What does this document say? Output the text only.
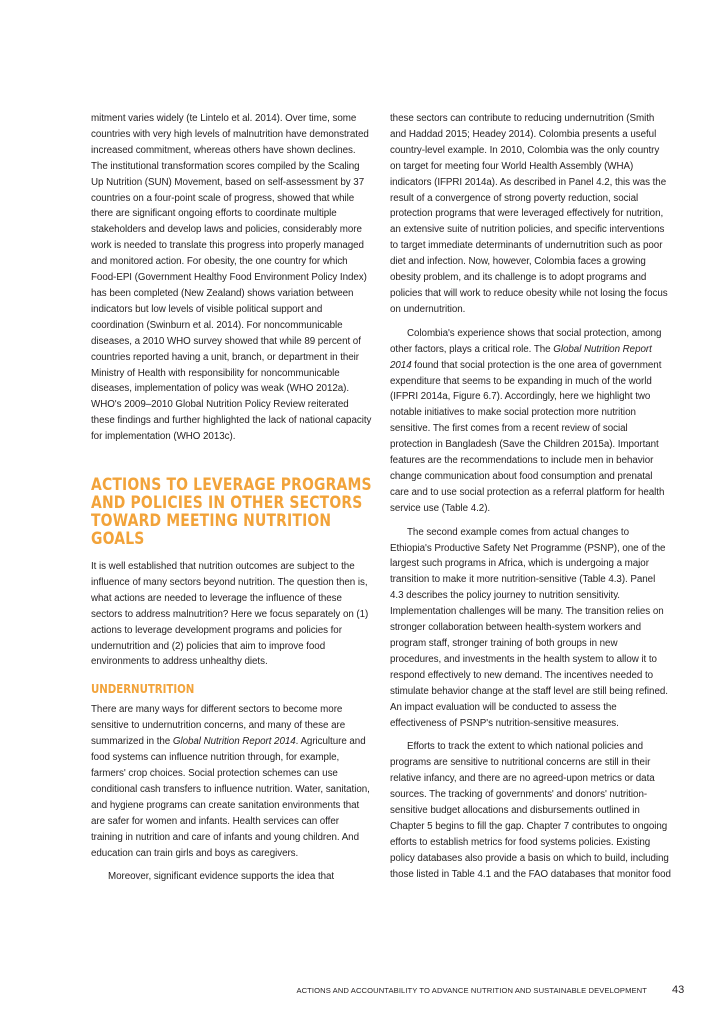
mitment varies widely (te Lintelo et al. 2014). Over time, some countries with very high levels of malnutrition have demonstrated increased commitment, whereas others have shown declines. The institutional transformation scores compiled by the Scaling Up Nutrition (SUN) Movement, based on self-assessment by 37 countries on a four-point scale of progress, showed that while there are significant ongoing efforts to coordinate multiple stakeholders and develop laws and policies, considerably more work is needed to translate this progress into properly managed and monitored action. For obesity, the one country for which Food-EPI (Government Healthy Food Environment Policy Index) has been completed (New Zealand) shows variation between indicators but low levels of visible political support and coordination (Swinburn et al. 2014). For noncommunicable diseases, a 2010 WHO survey showed that while 89 percent of countries reported having a unit, branch, or department in their Ministry of Health with responsibility for noncommunicable diseases, implementation of policy was weak (WHO 2012a). WHO's 2009–2010 Global Nutrition Policy Review reiterated these findings and further highlighted the lack of national capacity for implementation (WHO 2013c).

ACTIONS TO LEVERAGE PROGRAMS AND POLICIES IN OTHER SECTORS TOWARD MEETING NUTRITION GOALS

It is well established that nutrition outcomes are subject to the influence of many sectors beyond nutrition. The question then is, what actions are needed to leverage the influence of these sectors to address malnutrition? Here we focus separately on (1) actions to leverage development programs and policies for undernutrition and (2) policies that aim to improve food environments to address unhealthy diets.

UNDERNUTRITION

There are many ways for different sectors to become more sensitive to undernutrition concerns, and many of these are summarized in the Global Nutrition Report 2014. Agriculture and food systems can influence nutrition through, for example, farmers' crop choices. Social protection schemes can use conditional cash transfers to influence nutrition. Water, sanitation, and hygiene programs can create sanitation environments that are safer for women and infants. Health services can offer training in nutrition and care of infants and young children. And education can train girls and boys as caregivers.

Moreover, significant evidence supports the idea that

these sectors can contribute to reducing undernutrition (Smith and Haddad 2015; Headey 2014). Colombia presents a useful country-level example. In 2010, Colombia was the only country on target for meeting four World Health Assembly (WHA) indicators (IFPRI 2014a). As described in Panel 4.2, this was the result of a convergence of strong poverty reduction, social protection programs that were leveraged effectively for nutrition, an extensive suite of nutrition policies, and specific interventions to target immediate determinants of undernutrition such as poor diet and infection. Now, however, Colombia faces a growing obesity problem, and its challenge is to adopt programs and policies that will work to reduce obesity while not losing the focus on undernutrition.

Colombia's experience shows that social protection, among other factors, plays a critical role. The Global Nutrition Report 2014 found that social protection is the one area of government expenditure that seems to be expanding in much of the world (IFPRI 2014a, Figure 6.7). Accordingly, here we highlight two notable initiatives to make social protection more nutrition sensitive. The first comes from a recent review of social protection in Bangladesh (Save the Children 2015a). Important features are the recommendations to include men in behavior change communication about food consumption and prenatal care and to use social protection as a referral platform for health service use (Table 4.2).

The second example comes from actual changes to Ethiopia's Productive Safety Net Programme (PSNP), one of the largest such programs in Africa, which is undergoing a major transition to make it more nutrition-sensitive (Table 4.3). Panel 4.3 describes the policy journey to nutrition sensitivity. Implementation challenges will be many. The transition relies on stronger collaboration between health-system workers and program staff, stronger training of both groups in new procedures, and investments in the health system to allow it to respond effectively to new demand. The incentives needed to stimulate behavior change at the staff level are still being refined. An impact evaluation will be conducted to assess the effectiveness of PSNP's nutrition-sensitive measures.

Efforts to track the extent to which national policies and programs are sensitive to nutritional concerns are still in their relative infancy, and there are no agreed-upon metrics or data sources. The tracking of governments' and donors' nutrition-sensitive budget allocations and disbursements outlined in Chapter 5 begins to fill the gap. Chapter 7 contributes to ongoing efforts to establish metrics for food systems policies. Existing policy databases also provide a basis on which to build, including those listed in Table 4.1 and the FAO databases that monitor food

ACTIONS AND ACCOUNTABILITY TO ADVANCE NUTRITION AND SUSTAINABLE DEVELOPMENT 43
